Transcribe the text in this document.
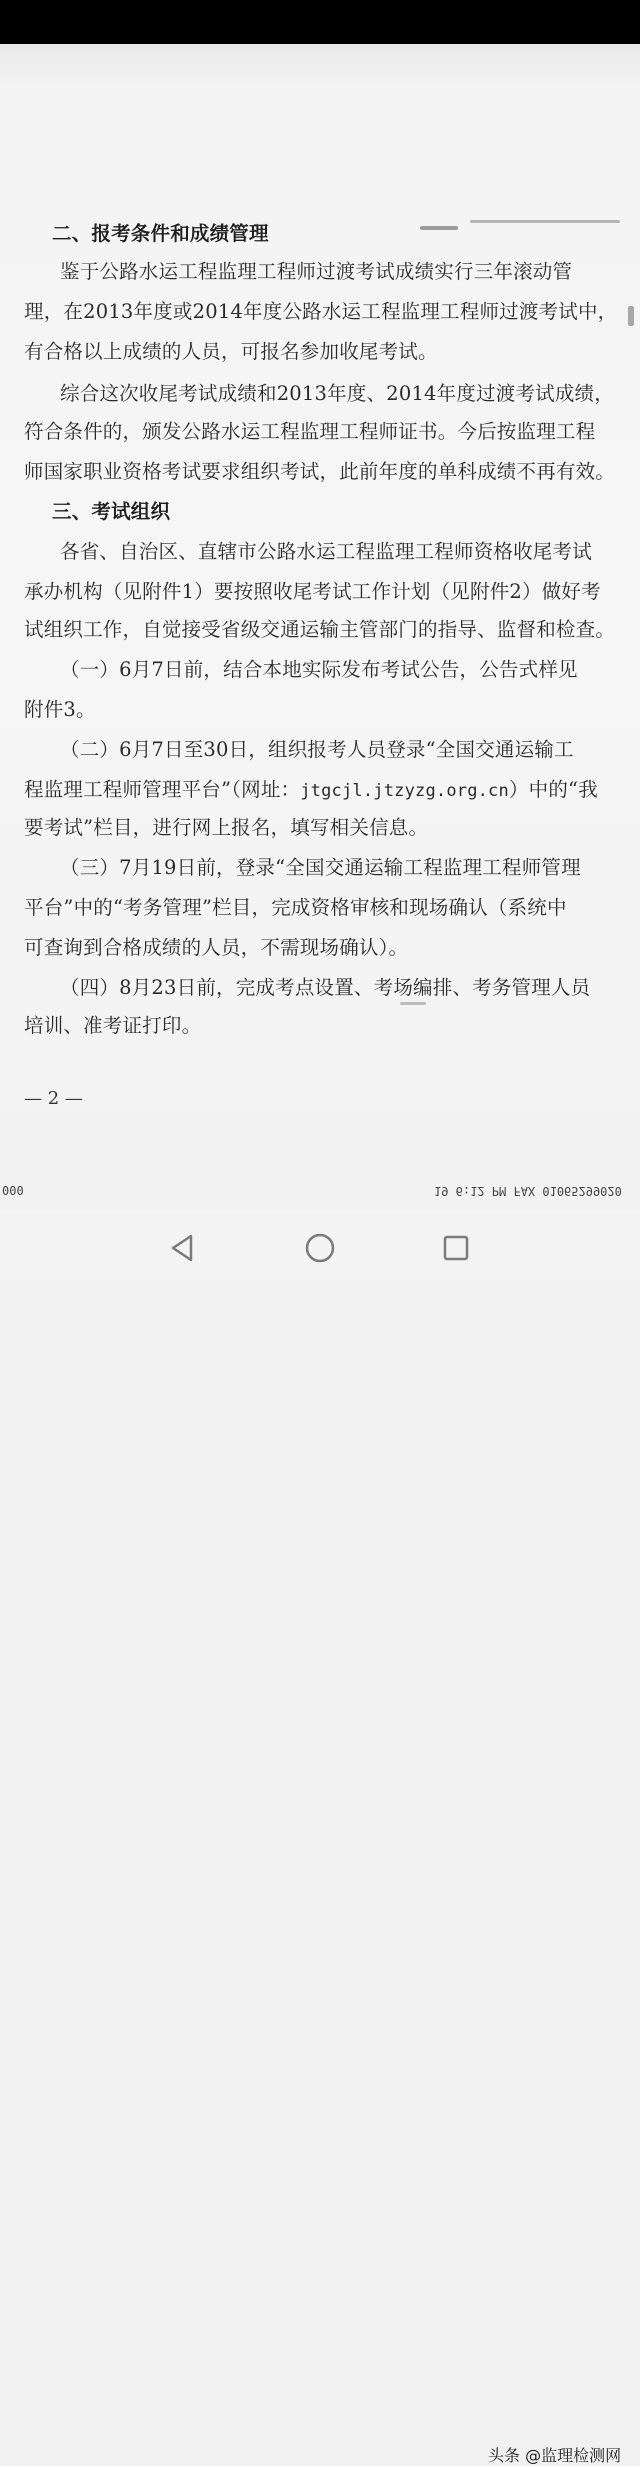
二、报考条件和成绩管理
鉴于公路水运工程监理工程师过渡考试成绩实行三年滚动管
理，在2013年度或2014年度公路水运工程监理工程师过渡考试中，
有合格以上成绩的人员，可报名参加收尾考试。
综合这次收尾考试成绩和2013年度、2014年度过渡考试成绩，
符合条件的，颁发公路水运工程监理工程师证书。今后按监理工程
师国家职业资格考试要求组织考试，此前年度的单科成绩不再有效。
三、考试组织
各省、自治区、直辖市公路水运工程监理工程师资格收尾考试
承办机构（见附件1）要按照收尾考试工作计划（见附件2）做好考
试组织工作，自觉接受省级交通运输主管部门的指导、监督和检查。
（一）6月7日前，结合本地实际发布考试公告，公告式样见
附件3。
（二）6月7日至30日，组织报考人员登录“全国交通运输工
程监理工程师管理平台”（网址：jtgcjl.jtzyzg.org.cn）中的“我
要考试”栏目，进行网上报名，填写相关信息。
（三）7月19日前，登录“全国交通运输工程监理工程师管理
平台”中的“考务管理”栏目，完成资格审核和现场确认（系统中
可查询到合格成绩的人员，不需现场确认）。
（四）8月23日前，完成考点设置、考场编排、考务管理人员
培训、准考证打印。
— 2 —
000	19 6:12 PM FAX 01065299020
头条 @监理检测网
